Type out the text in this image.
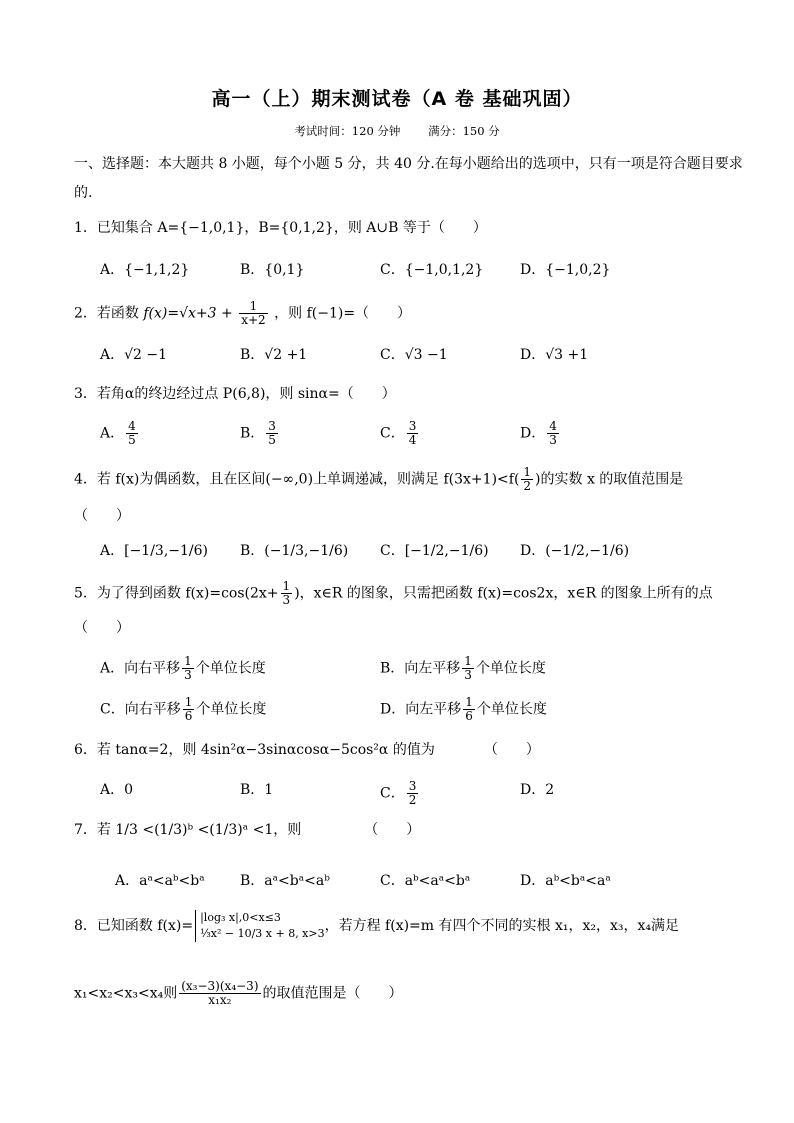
高一（上）期末测试卷（A 卷 基础巩固）
考试时间：120 分钟 满分：150 分
一、选择题：本大题共 8 小题，每个小题 5 分，共 40 分.在每小题给出的选项中，只有一项是符合题目要求
的.
1．已知集合 A={−1,0,1}，B={0,1,2}，则 A∪B 等于（　　）
A．{−1,1,2}	B．{0,1}	C．{−1,0,1,2}	D．{−1,0,2}
2．若函数 $f(x)=√x+3 + \frac{1}{x+2}$ ，则 f(−1)=（　　）
A．√2 −1	B．√2 +1	C．√3 −1	D．√3 +1
3．若角α的终边经过点 P(6,8)，则 sinα=（　　）
A． $\frac{4}{5}$	B． $\frac{3}{5}$	C． $\frac{3}{4}$	D． $\frac{4}{3}$
4．若 f(x)为偶函数，且在区间(−∞,0)上单调递减，则满足 $f(3x+1)<f( \frac{1}{2}$ )的实数 x 的取值范围是
（　　）
A．[−1/3,−1/6) B．(−1/3,−1/6) C．[−1/2,−1/6) D．(−1/2,−1/6)
5．为了得到函数 $f(x)=\cos(2x+ \frac{1}{3}$ )，x∈R 的图象，只需把函数 f(x)=cos2x，x∈R 的图象上所有的点
（　　）
A．向右平移 $\frac{1}{3}$ 个单位长度	B．向左平移 $\frac{1}{3}$ 个单位长度
C．向右平移 $\frac{1}{6}$ 个单位长度	D．向左平移 $\frac{1}{6}$ 个单位长度
6．若 tanα=2，则 4sin²α−3sinαcosα−5cos²α 的值为　　　　（　　）
A．0	B．1	C． $\frac{3}{2}$	D．2
7．若 1/3 <(1/3)ᵇ <(1/3)ᵃ <1，则　　　　　（　　）
A．aᵃ<aᵇ<bᵃ	B．aᵃ<bᵃ<aᵇ	C．aᵇ<aᵃ<bᵃ	D．aᵇ<bᵃ<aᵃ
8．已知函数 f(x)=
|log₃ x|,0<x≤3
⅓x² − 10/3 x + 8, x>3 ，若方程 f(x)=m 有四个不同的实根 x₁，x₂，x₃，x₄满足
x₁<x₂<x₃<x₄则 $\frac{\text{(x₃−3)(x₄−3)}}{\text{x₁x₂}}$ 的取值范围是（　　）
